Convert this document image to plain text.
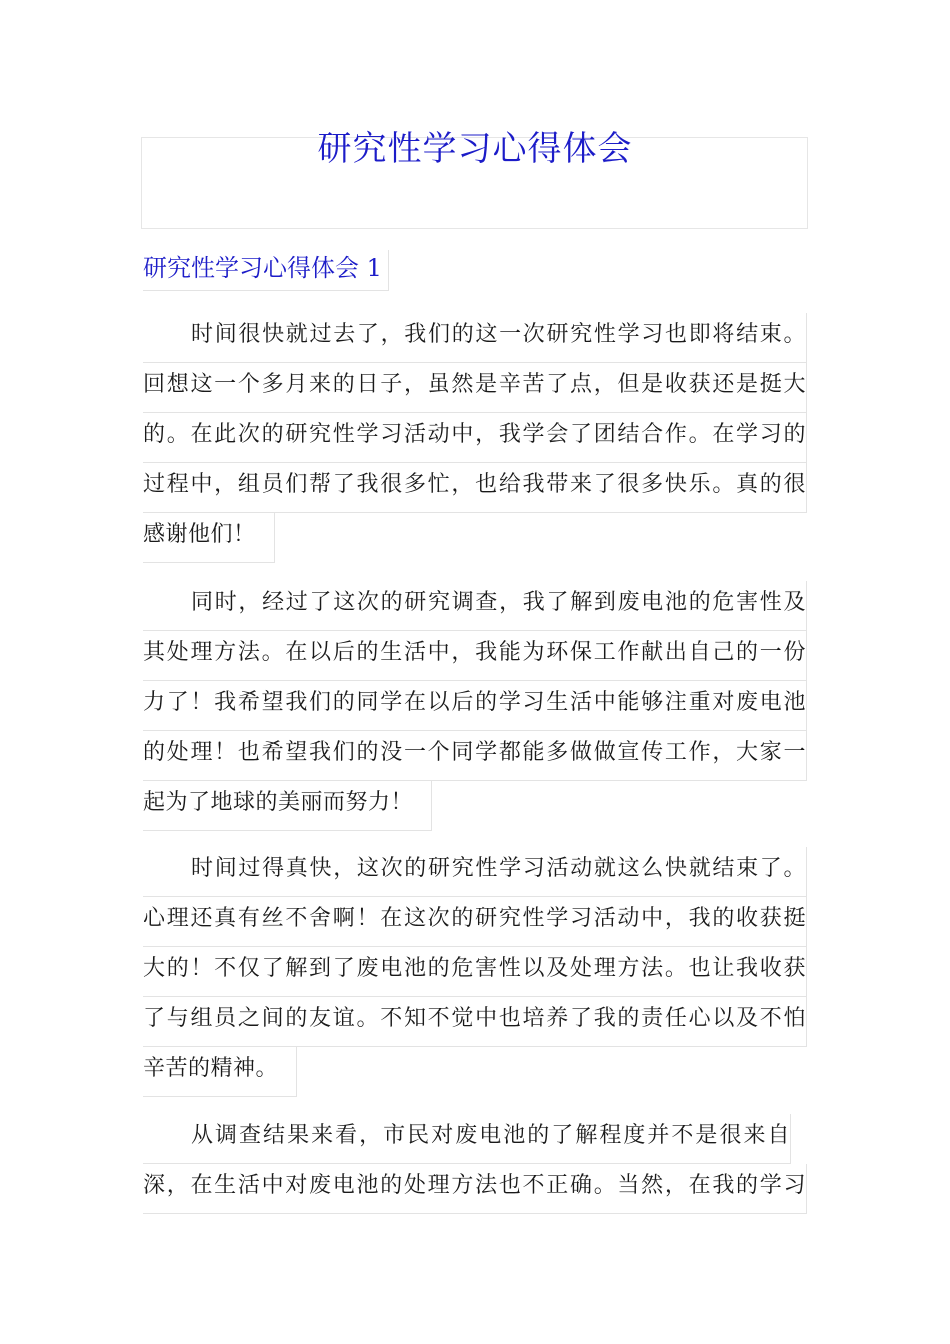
研究性学习心得体会
研究性学习心得体会 1
时间很快就过去了，我们的这一次研究性学习也即将结束。
回想这一个多月来的日子，虽然是辛苦了点，但是收获还是挺大
的。在此次的研究性学习活动中，我学会了团结合作。在学习的
过程中，组员们帮了我很多忙，也给我带来了很多快乐。真的很
感谢他们！
同时，经过了这次的研究调查，我了解到废电池的危害性及
其处理方法。在以后的生活中，我能为环保工作献出自己的一份
力了！我希望我们的同学在以后的学习生活中能够注重对废电池
的处理！也希望我们的没一个同学都能多做做宣传工作，大家一
起为了地球的美丽而努力！
时间过得真快，这次的研究性学习活动就这么快就结束了。
心理还真有丝不舍啊！在这次的研究性学习活动中，我的收获挺
大的！不仅了解到了废电池的危害性以及处理方法。也让我收获
了与组员之间的友谊。不知不觉中也培养了我的责任心以及不怕
辛苦的精神。
从调查结果来看，市民对废电池的了解程度并不是很来自
深，在生活中对废电池的处理方法也不正确。当然，在我的学习
